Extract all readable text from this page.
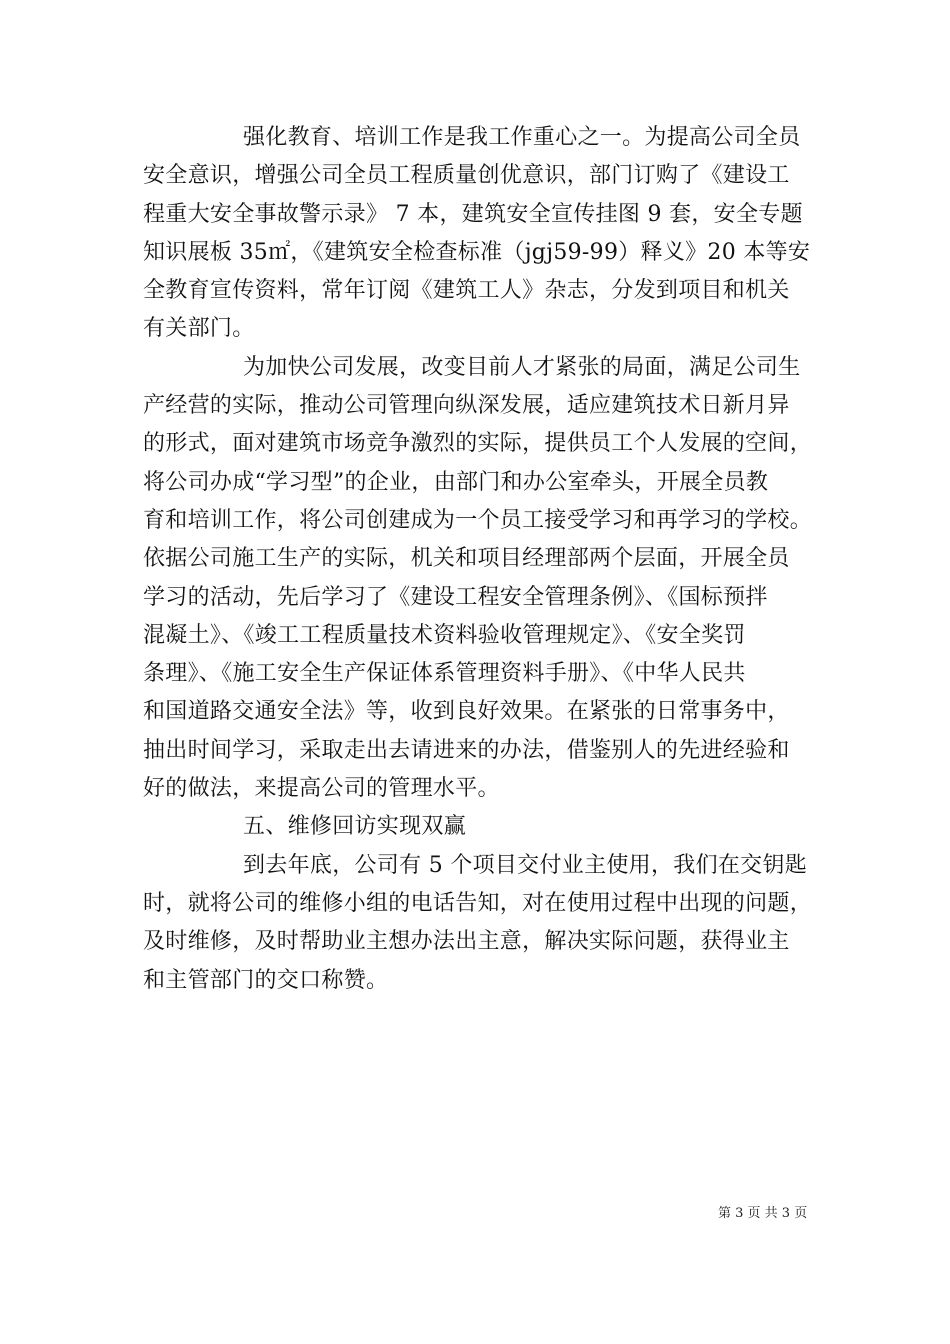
强化教育、培训工作是我工作重心之一。为提高公司全员
安全意识，增强公司全员工程质量创优意识，部门订购了《建设工
程重大安全事故警示录》 7 本，建筑安全宣传挂图 9 套，安全专题
知识展板 35㎡，《建筑安全检查标准（jgj59-99）释义》20 本等安
全教育宣传资料，常年订阅《建筑工人》杂志，分发到项目和机关
有关部门。
为加快公司发展，改变目前人才紧张的局面，满足公司生
产经营的实际，推动公司管理向纵深发展，适应建筑技术日新月异
的形式，面对建筑市场竞争激烈的实际，提供员工个人发展的空间，
将公司办成“学习型”的企业，由部门和办公室牵头，开展全员教
育和培训工作，将公司创建成为一个员工接受学习和再学习的学校。
依据公司施工生产的实际，机关和项目经理部两个层面，开展全员
学习的活动，先后学习了《建设工程安全管理条例》、《国标预拌
混凝土》、《竣工工程质量技术资料验收管理规定》、《安全奖罚
条理》、《施工安全生产保证体系管理资料手册》、《中华人民共
和国道路交通安全法》等，收到良好效果。在紧张的日常事务中，
抽出时间学习，采取走出去请进来的办法，借鉴别人的先进经验和
好的做法，来提高公司的管理水平。
五、维修回访实现双赢
到去年底，公司有 5 个项目交付业主使用，我们在交钥匙
时，就将公司的维修小组的电话告知，对在使用过程中出现的问题，
及时维修，及时帮助业主想办法出主意，解决实际问题，获得业主
和主管部门的交口称赞。
第 3 页 共 3 页
